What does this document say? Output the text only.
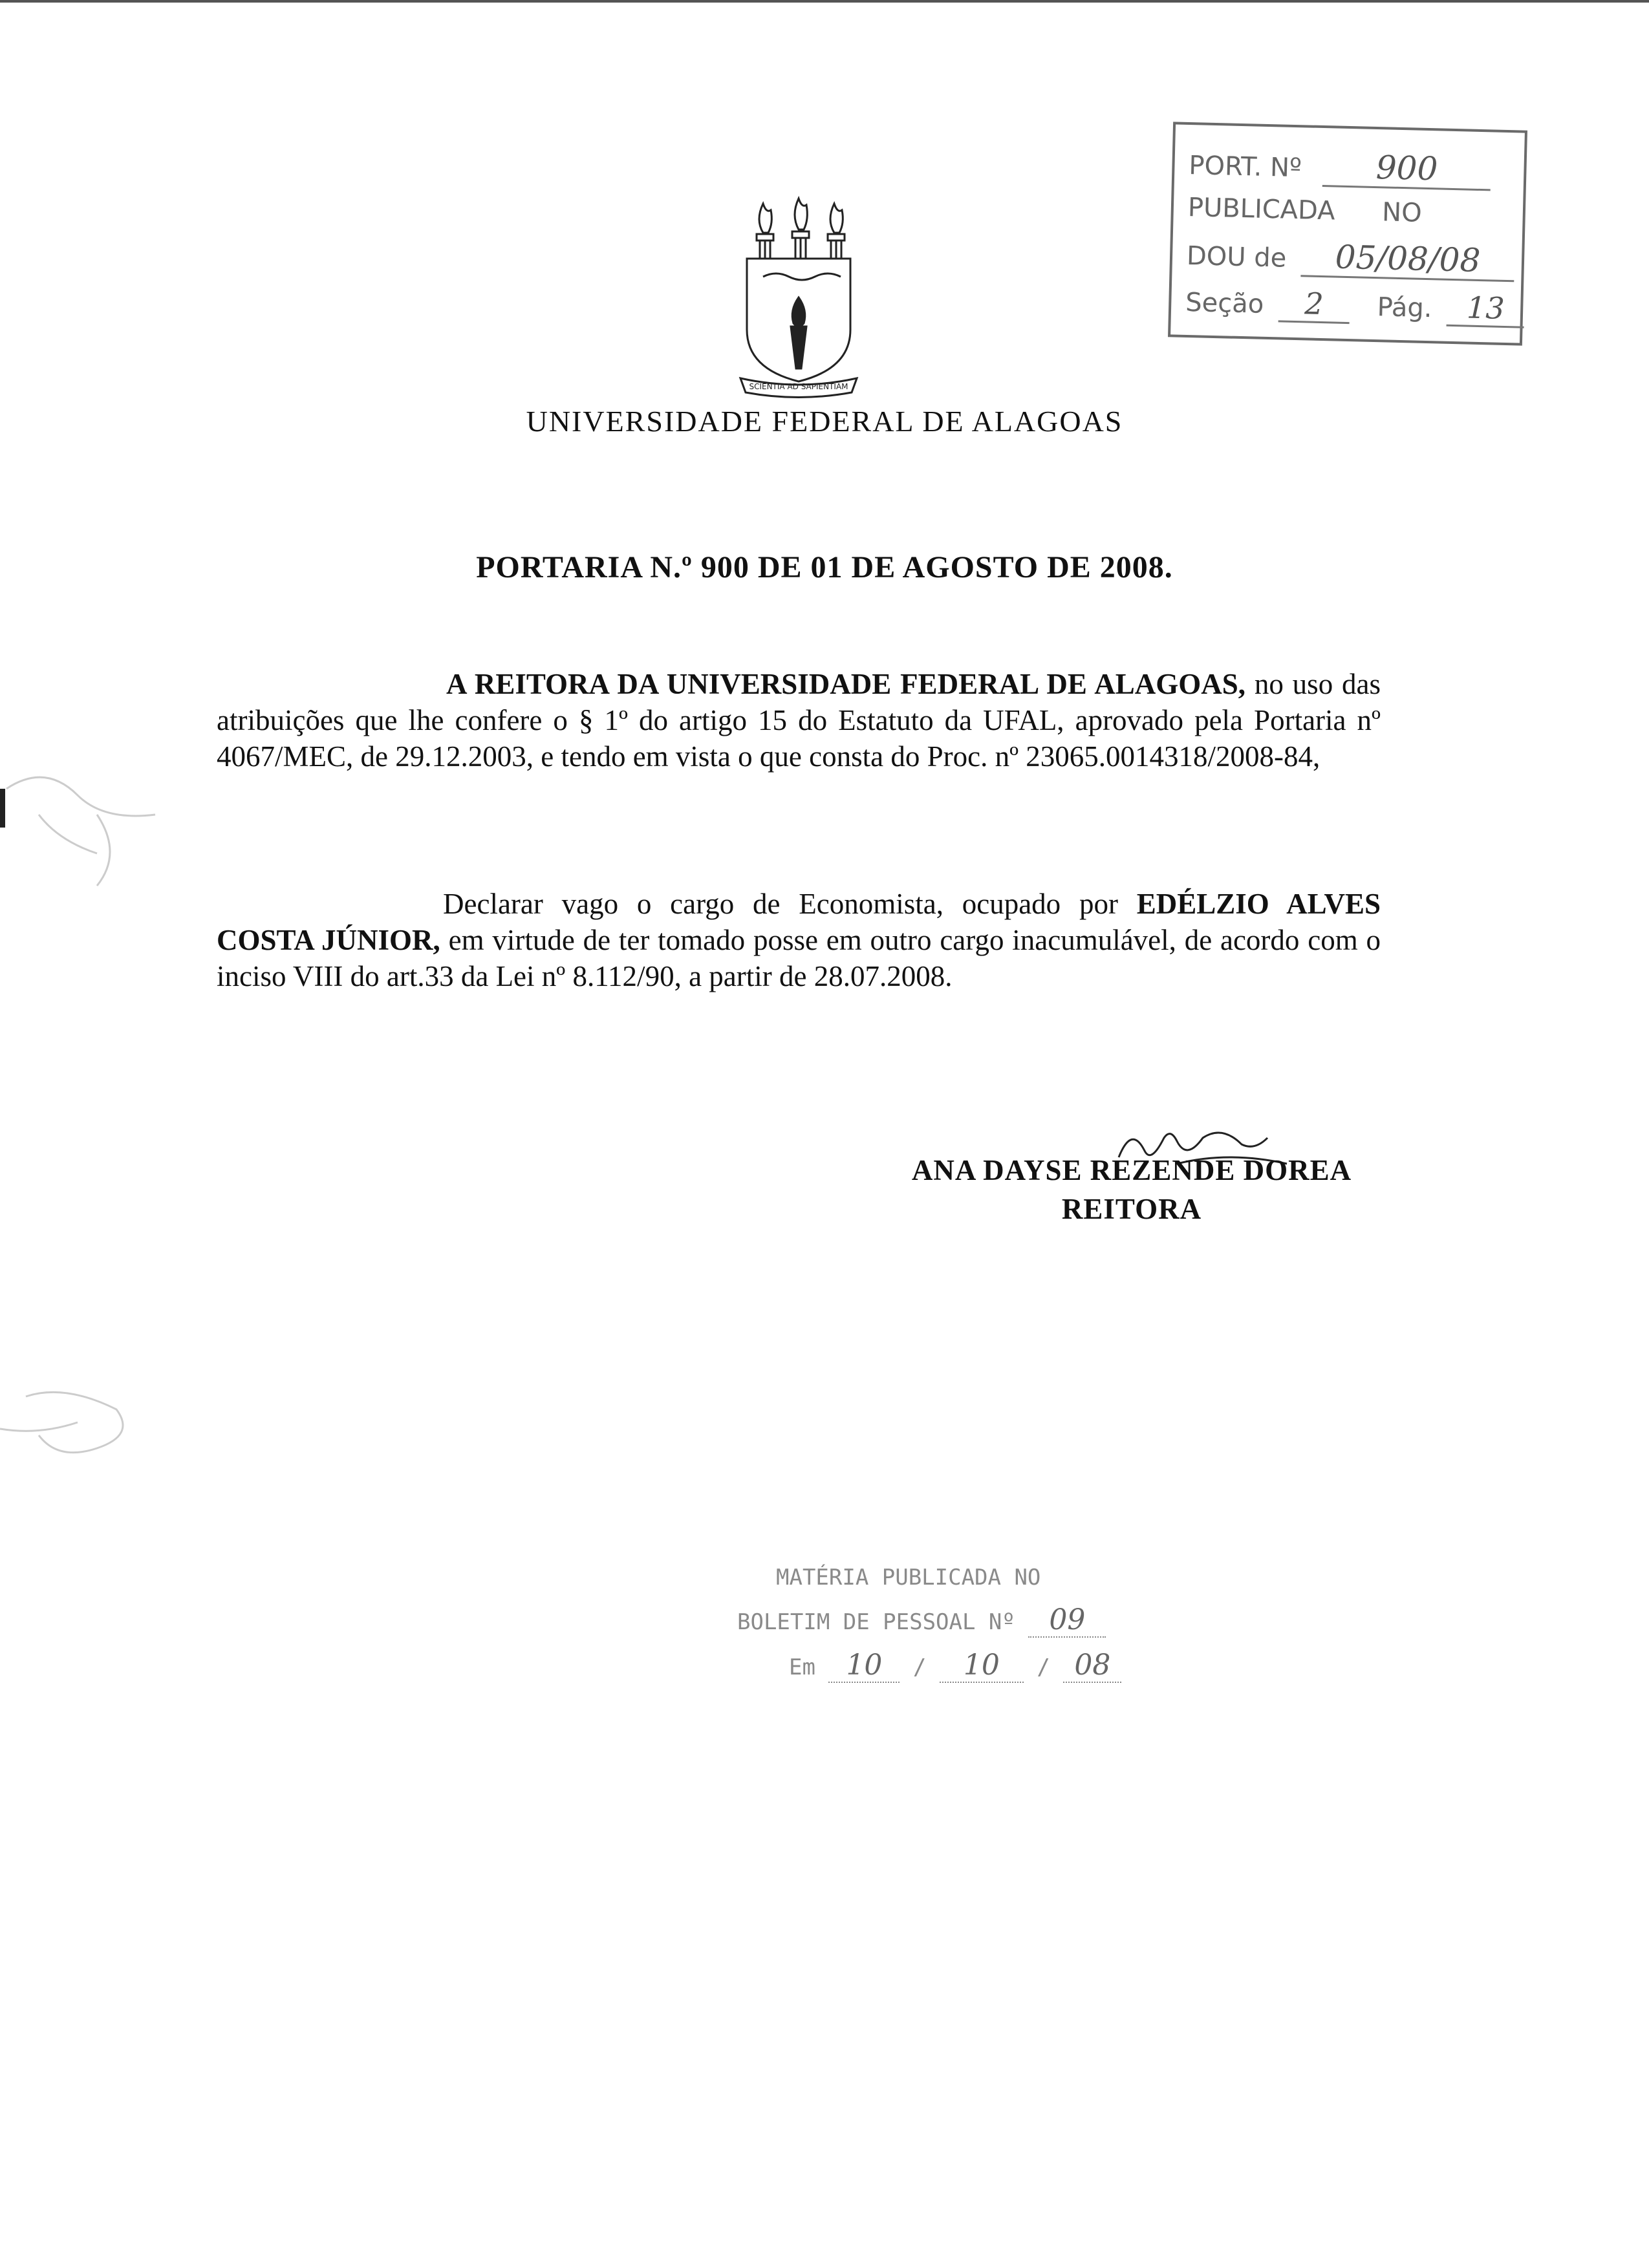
PORT. Nº 900
PUBLICADA NO
DOU de 05/08/08
Seção 2 Pág. 13
SCIENTIA AD SAPIENTIAM
UNIVERSIDADE FEDERAL DE ALAGOAS
PORTARIA N.º 900 DE 01 DE AGOSTO DE 2008.
A REITORA DA UNIVERSIDADE FEDERAL DE ALAGOAS, no uso das atribuições que lhe confere o § 1º do artigo 15 do Estatuto da UFAL, aprovado pela Portaria nº 4067/MEC, de 29.12.2003, e tendo em vista o que consta do Proc. nº 23065.0014318/2008-84,
Declarar vago o cargo de Economista, ocupado por EDÉLZIO ALVES COSTA JÚNIOR, em virtude de ter tomado posse em outro cargo inacumulável, de acordo com o inciso VIII do art.33 da Lei nº 8.112/90, a partir de 28.07.2008.
ANA DAYSE REZENDE DOREA
REITORA
MATÉRIA PUBLICADA NO
BOLETIM DE PESSOAL Nº 09
Em 10 / 10 / 08
